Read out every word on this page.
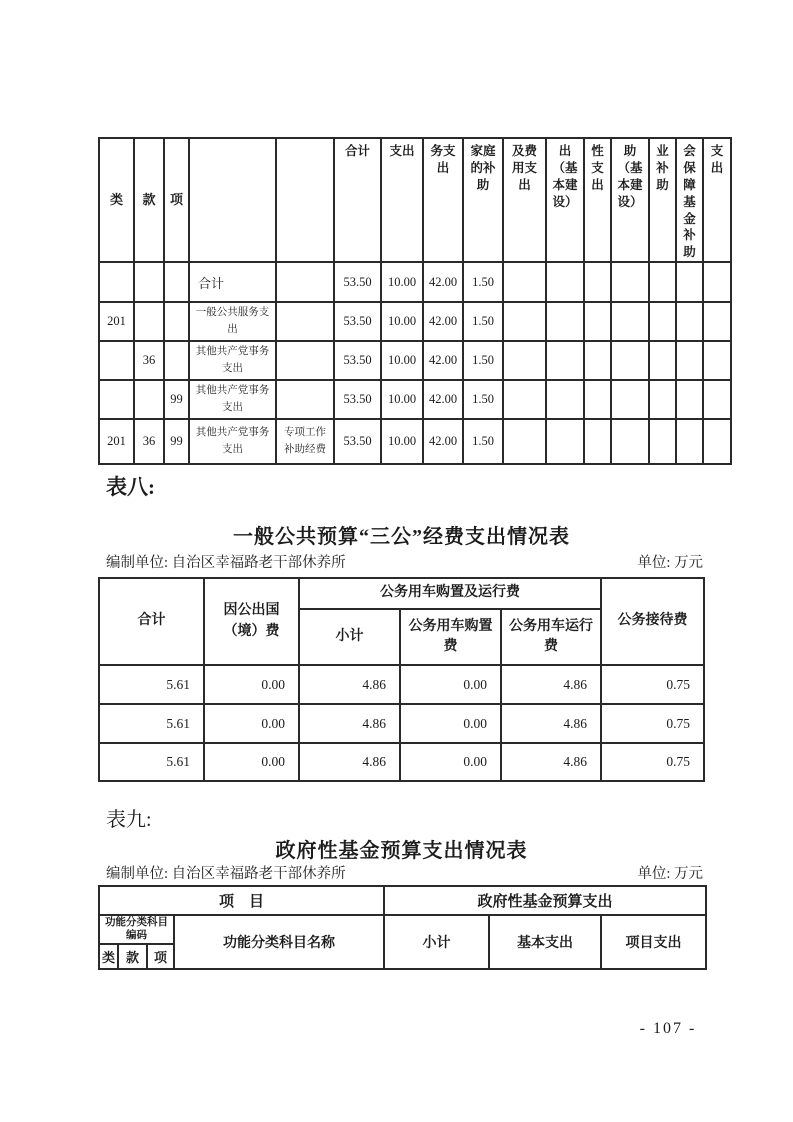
类	款	项			合计	支出	务支出	家庭的补助	及费用支出	出（基本建设）	性支出	助（基本建设）	业补助	会保障基金补助	支出
			合计		53.50	10.00	42.00	1.50							
201			一般公共服务支出		53.50	10.00	42.00	1.50							
	36		其他共产党事务支出		53.50	10.00	42.00	1.50							
		99	其他共产党事务支出		53.50	10.00	42.00	1.50							
201	36	99	其他共产党事务支出	专项工作补助经费	53.50	10.00	42.00	1.50							
表八:
一般公共预算“三公”经费支出情况表
编制单位: 自治区幸福路老干部休养所	单位: 万元
合计	因公出国（境）费	公务用车购置及运行费			公务接待费
		小计	公务用车购置费	公务用车运行费	
5.61	0.00	4.86	0.00	4.86	0.75
5.61	0.00	4.86	0.00	4.86	0.75
5.61	0.00	4.86	0.00	4.86	0.75
表九:
政府性基金预算支出情况表
编制单位: 自治区幸福路老干部休养所	单位: 万元
项　目				政府性基金预算支出		
功能分类科目编码			功能分类科目名称	小计	基本支出	项目支出
类	款	项				
- 107 -
